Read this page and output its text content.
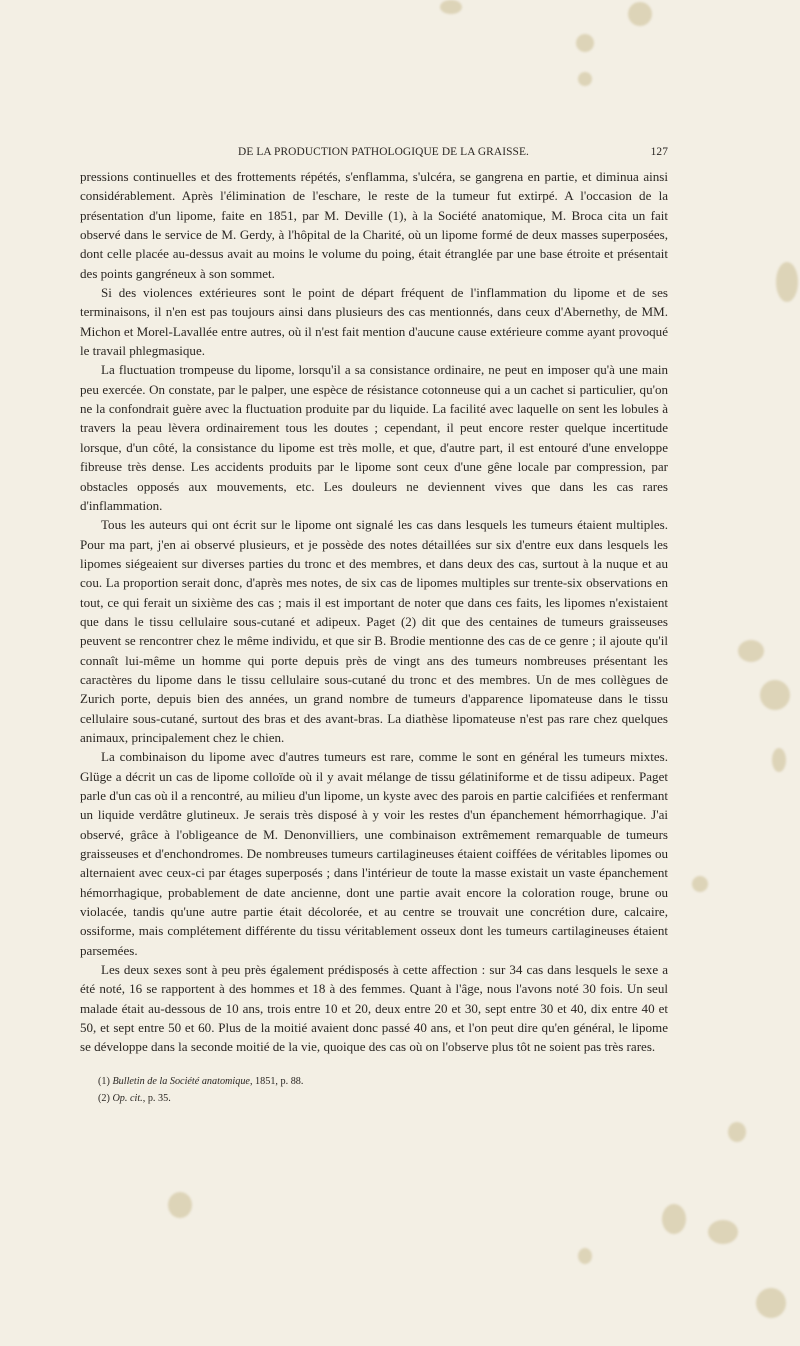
DE LA PRODUCTION PATHOLOGIQUE DE LA GRAISSE.	127

pressions continuelles et des frottements répétés, s'enflamma, s'ulcéra, se gangrena en partie, et diminua ainsi considérablement. Après l'élimination de l'eschare, le reste de la tumeur fut extirpé. A l'occasion de la présentation d'un lipome, faite en 1851, par M. Deville (1), à la Société anatomique, M. Broca cita un fait observé dans le service de M. Gerdy, à l'hôpital de la Charité, où un lipome formé de deux masses superposées, dont celle placée au-dessus avait au moins le volume du poing, était étranglée par une base étroite et présentait des points gangréneux à son sommet.

Si des violences extérieures sont le point de départ fréquent de l'inflammation du lipome et de ses terminaisons, il n'en est pas toujours ainsi dans plusieurs des cas mentionnés, dans ceux d'Abernethy, de MM. Michon et Morel-Lavallée entre autres, où il n'est fait mention d'aucune cause extérieure comme ayant provoqué le travail phlegmasique.

La fluctuation trompeuse du lipome, lorsqu'il a sa consistance ordinaire, ne peut en imposer qu'à une main peu exercée. On constate, par le palper, une espèce de résistance cotonneuse qui a un cachet si particulier, qu'on ne la confondrait guère avec la fluctuation produite par du liquide. La facilité avec laquelle on sent les lobules à travers la peau lèvera ordinairement tous les doutes ; cependant, il peut encore rester quelque incertitude lorsque, d'un côté, la consistance du lipome est très molle, et que, d'autre part, il est entouré d'une enveloppe fibreuse très dense. Les accidents produits par le lipome sont ceux d'une gêne locale par compression, par obstacles opposés aux mouvements, etc. Les douleurs ne deviennent vives que dans les cas rares d'inflammation.

Tous les auteurs qui ont écrit sur le lipome ont signalé les cas dans lesquels les tumeurs étaient multiples. Pour ma part, j'en ai observé plusieurs, et je possède des notes détaillées sur six d'entre eux dans lesquels les lipomes siégeaient sur diverses parties du tronc et des membres, et dans deux des cas, surtout à la nuque et au cou. La proportion serait donc, d'après mes notes, de six cas de lipomes multiples sur trente-six observations en tout, ce qui ferait un sixième des cas ; mais il est important de noter que dans ces faits, les lipomes n'existaient que dans le tissu cellulaire sous-cutané et adipeux. Paget (2) dit que des centaines de tumeurs graisseuses peuvent se rencontrer chez le même individu, et que sir B. Brodie mentionne des cas de ce genre ; il ajoute qu'il connaît lui-même un homme qui porte depuis près de vingt ans des tumeurs nombreuses présentant les caractères du lipome dans le tissu cellulaire sous-cutané du tronc et des membres. Un de mes collègues de Zurich porte, depuis bien des années, un grand nombre de tumeurs d'apparence lipomateuse dans le tissu cellulaire sous-cutané, surtout des bras et des avant-bras. La diathèse lipomateuse n'est pas rare chez quelques animaux, principalement chez le chien.

La combinaison du lipome avec d'autres tumeurs est rare, comme le sont en général les tumeurs mixtes. Glüge a décrit un cas de lipome colloïde où il y avait mélange de tissu gélatiniforme et de tissu adipeux. Paget parle d'un cas où il a rencontré, au milieu d'un lipome, un kyste avec des parois en partie calcifiées et renfermant un liquide verdâtre glutineux. Je serais très disposé à y voir les restes d'un épanchement hémorrhagique. J'ai observé, grâce à l'obligeance de M. Denonvilliers, une combinaison extrêmement remarquable de tumeurs graisseuses et d'enchondromes. De nombreuses tumeurs cartilagineuses étaient coiffées de véritables lipomes ou alternaient avec ceux-ci par étages superposés ; dans l'intérieur de toute la masse existait un vaste épanchement hémorrhagique, probablement de date ancienne, dont une partie avait encore la coloration rouge, brune ou violacée, tandis qu'une autre partie était décolorée, et au centre se trouvait une concrétion dure, calcaire, ossiforme, mais complétement différente du tissu véritablement osseux dont les tumeurs cartilagineuses étaient parsemées.

Les deux sexes sont à peu près également prédisposés à cette affection : sur 34 cas dans lesquels le sexe a été noté, 16 se rapportent à des hommes et 18 à des femmes. Quant à l'âge, nous l'avons noté 30 fois. Un seul malade était au-dessous de 10 ans, trois entre 10 et 20, deux entre 20 et 30, sept entre 30 et 40, dix entre 40 et 50, et sept entre 50 et 60. Plus de la moitié avaient donc passé 40 ans, et l'on peut dire qu'en général, le lipome se développe dans la seconde moitié de la vie, quoique des cas où on l'observe plus tôt ne soient pas très rares.

(1) Bulletin de la Société anatomique, 1851, p. 88.
(2) Op. cit., p. 35.
